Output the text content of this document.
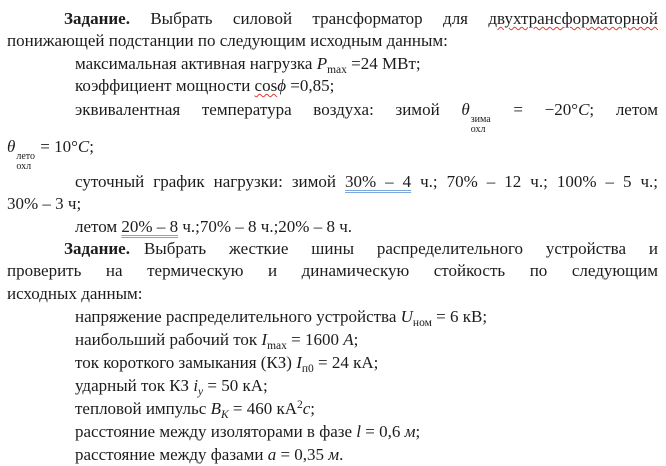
Задание. Выбрать силовой трансформатор для двухтрансформаторной
понижающей подстанции по следующим исходным данным:
максимальная активная нагрузка $P_{max} =24$ МВт;
коэффициент мощности cosϕ =0,85;
эквивалентная температура воздуха: зимой θ
зима
охл
= −20°C; летом
θ
лето
охл
= 10°C;
суточный график нагрузки: зимой 30% – 4 ч.; 70% – 12 ч.; 100% – 5 ч.;
30% – 3 ч;
летом 20% – 8 ч.;70% – 8 ч.;20% – 8 ч.
Задание. Выбрать жесткие шины распределительного устройства и
проверить на термическую и динамическую стойкость по следующим
исходных данным:
напряжение распределительного устройства $U_{ном} = 6$ кВ;
наибольший рабочий ток $I_{max} = 1600$ А;
ток короткого замыкания (КЗ) $I_{п0} = 24$ кА;
ударный ток КЗ $i_у = 50$ кА;
тепловой импульс $B_K = 460$ $кА^2с$;
расстояние между изоляторами в фазе l = 0,6 м;
расстояние между фазами a = 0,35 м.
